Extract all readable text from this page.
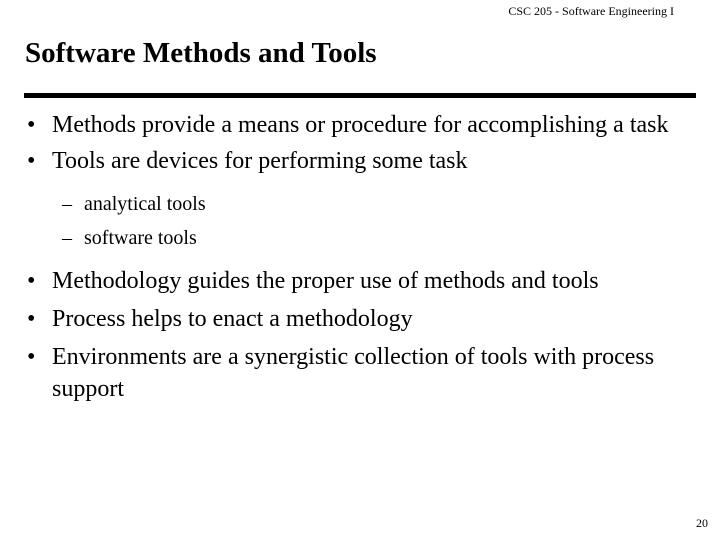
CSC 205 - Software Engineering I
Software Methods and Tools
• Methods provide a means or procedure for accomplishing a task
• Tools are devices for performing some task
– analytical tools
– software tools
• Methodology guides the proper use of methods and tools
• Process helps to enact a methodology
• Environments are a synergistic collection of tools with process support
20
